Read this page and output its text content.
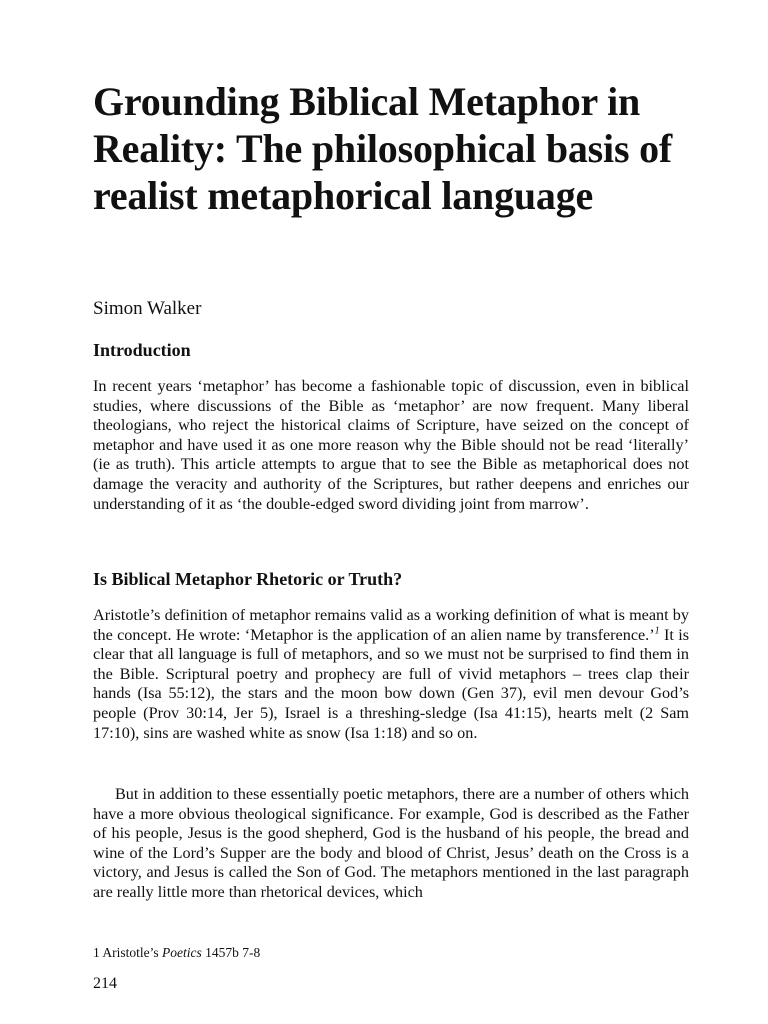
Grounding Biblical Metaphor in Reality: The philosophical basis of realist metaphorical language

Simon Walker

Introduction

In recent years ‘metaphor’ has become a fashionable topic of discussion, even in biblical studies, where discussions of the Bible as ‘metaphor’ are now frequent. Many liberal theologians, who reject the historical claims of Scripture, have seized on the concept of metaphor and have used it as one more reason why the Bible should not be read ‘literally’ (ie as truth). This article attempts to argue that to see the Bible as metaphorical does not damage the veracity and authority of the Scriptures, but rather deepens and enriches our understanding of it as ‘the double-edged sword dividing joint from marrow’.

Is Biblical Metaphor Rhetoric or Truth?

Aristotle’s definition of metaphor remains valid as a working definition of what is meant by the concept. He wrote: ‘Metaphor is the application of an alien name by transference.’$^1$ It is clear that all language is full of metaphors, and so we must not be surprised to find them in the Bible. Scriptural poetry and prophecy are full of vivid metaphors – trees clap their hands (Isa 55:12), the stars and the moon bow down (Gen 37), evil men devour God’s people (Prov 30:14, Jer 5), Israel is a threshing-sledge (Isa 41:15), hearts melt (2 Sam 17:10), sins are washed white as snow (Isa 1:18) and so on.

But in addition to these essentially poetic metaphors, there are a number of others which have a more obvious theological significance. For example, God is described as the Father of his people, Jesus is the good shepherd, God is the husband of his people, the bread and wine of the Lord’s Supper are the body and blood of Christ, Jesus’ death on the Cross is a victory, and Jesus is called the Son of God. The metaphors mentioned in the last paragraph are really little more than rhetorical devices, which

1 Aristotle’s Poetics 1457b 7-8

214
